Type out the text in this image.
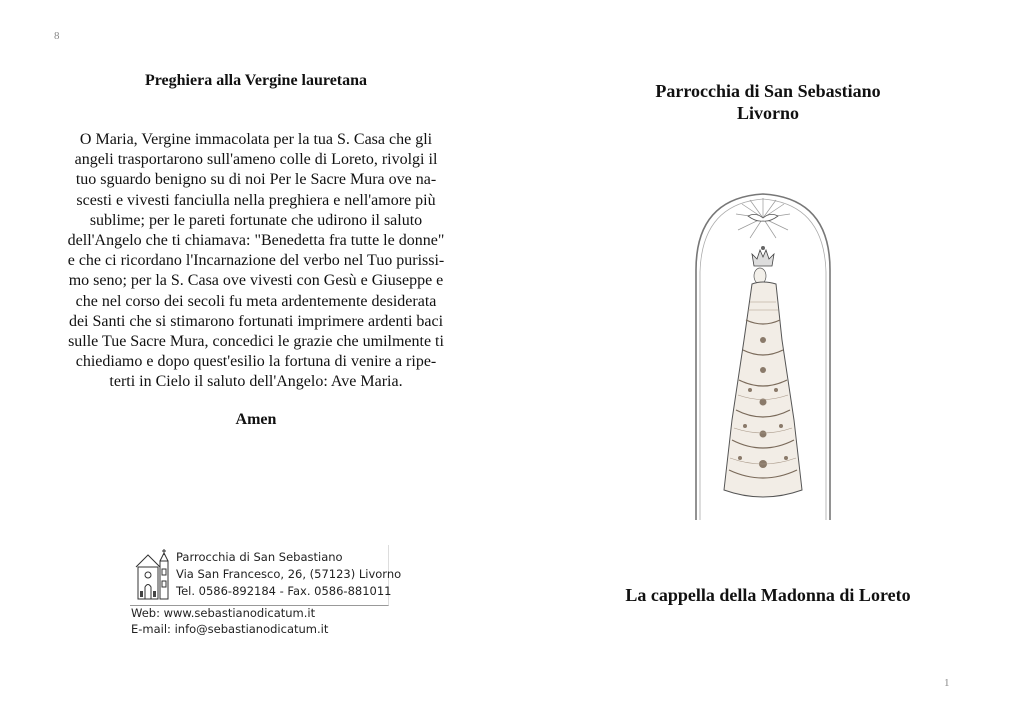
8

Preghiera alla Vergine lauretana

O Maria, Vergine immacolata per la tua S. Casa che gli
angeli trasportarono sull'ameno colle di Loreto, rivolgi il
tuo sguardo benigno su di noi Per le Sacre Mura ove na-
scesti e vivesti fanciulla nella preghiera e nell'amore più
sublime; per le pareti fortunate che udirono il saluto
dell'Angelo che ti chiamava: "Benedetta fra tutte le donne"
e che ci ricordano l'Incarnazione del verbo nel Tuo purissi-
mo seno; per la S. Casa ove vivesti con Gesù e Giuseppe e
che nel corso dei secoli fu meta ardentemente desiderata
dei Santi che si stimarono fortunati imprimere ardenti baci
sulle Tue Sacre Mura, concedici le grazie che umilmente ti
chiediamo e dopo quest'esilio la fortuna di venire a ripe-
terti in Cielo il saluto dell'Angelo: Ave Maria.

Amen
Parrocchia di San Sebastiano
Via San Francesco, 26, (57123) Livorno
Tel. 0586-892184 - Fax. 0586-881011
Web: www.sebastianodicatum.it
E-mail: info@sebastianodicatum.it
Parrocchia di San Sebastiano
Livorno
La cappella della Madonna di Loreto
1
